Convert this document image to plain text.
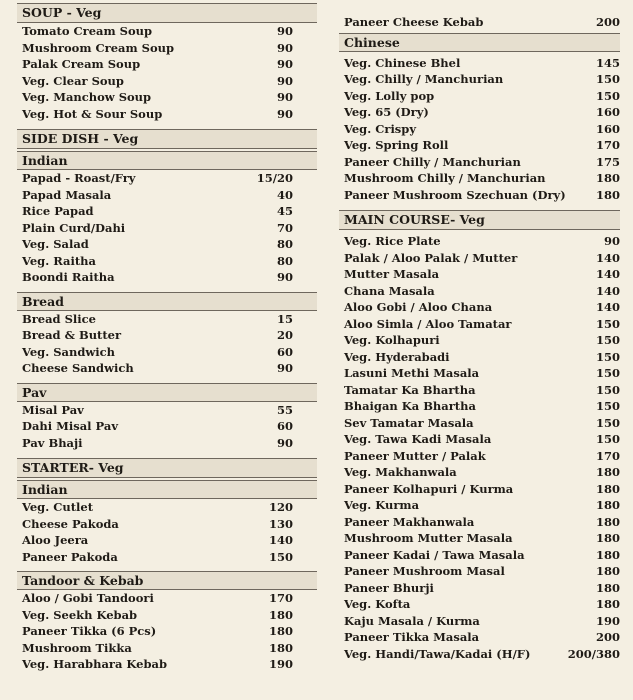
SOUP - Veg
Tomato Cream Soup	90
Mushroom Cream Soup	90
Palak Cream Soup	90
Veg. Clear Soup	90
Veg. Manchow Soup	90
Veg. Hot & Sour Soup	90
SIDE DISH - Veg
Indian
Papad - Roast/Fry	15/20
Papad Masala	40
Rice Papad	45
Plain Curd/Dahi	70
Veg. Salad	80
Veg. Raitha	80
Boondi Raitha	90
Bread
Bread Slice	15
Bread & Butter	20
Veg. Sandwich	60
Cheese Sandwich	90
Pav
Misal Pav	55
Dahi Misal Pav	60
Pav Bhaji	90
STARTER- Veg
Indian
Veg. Cutlet	120
Cheese Pakoda	130
Aloo Jeera	140
Paneer Pakoda	150
Tandoor & Kebab
Aloo / Gobi Tandoori	170
Veg. Seekh Kebab	180
Paneer Tikka (6 Pcs)	180
Mushroom Tikka	180
Veg. Harabhara Kebab	190
Paneer Cheese Kebab	200
Chinese
Veg. Chinese Bhel	145
Veg. Chilly / Manchurian	150
Veg. Lolly pop	150
Veg. 65 (Dry)	160
Veg. Crispy	160
Veg. Spring Roll	170
Paneer Chilly / Manchurian	175
Mushroom Chilly / Manchurian	180
Paneer Mushroom Szechuan (Dry)	180
MAIN COURSE- Veg
Veg. Rice Plate	90
Palak / Aloo Palak / Mutter	140
Mutter Masala	140
Chana Masala	140
Aloo Gobi / Aloo Chana	140
Aloo Simla / Aloo Tamatar	150
Veg. Kolhapuri	150
Veg. Hyderabadi	150
Lasuni Methi Masala	150
Tamatar Ka Bhartha	150
Bhaigan Ka Bhartha	150
Sev Tamatar Masala	150
Veg. Tawa Kadi Masala	150
Paneer Mutter / Palak	170
Veg. Makhanwala	180
Paneer Kolhapuri / Kurma	180
Veg. Kurma	180
Paneer Makhanwala	180
Mushroom Mutter Masala	180
Paneer Kadai / Tawa Masala	180
Paneer Mushroom Masal	180
Paneer Bhurji	180
Veg. Kofta	180
Kaju Masala / Kurma	190
Paneer Tikka Masala	200
Veg. Handi/Tawa/Kadai (H/F)	200/380
